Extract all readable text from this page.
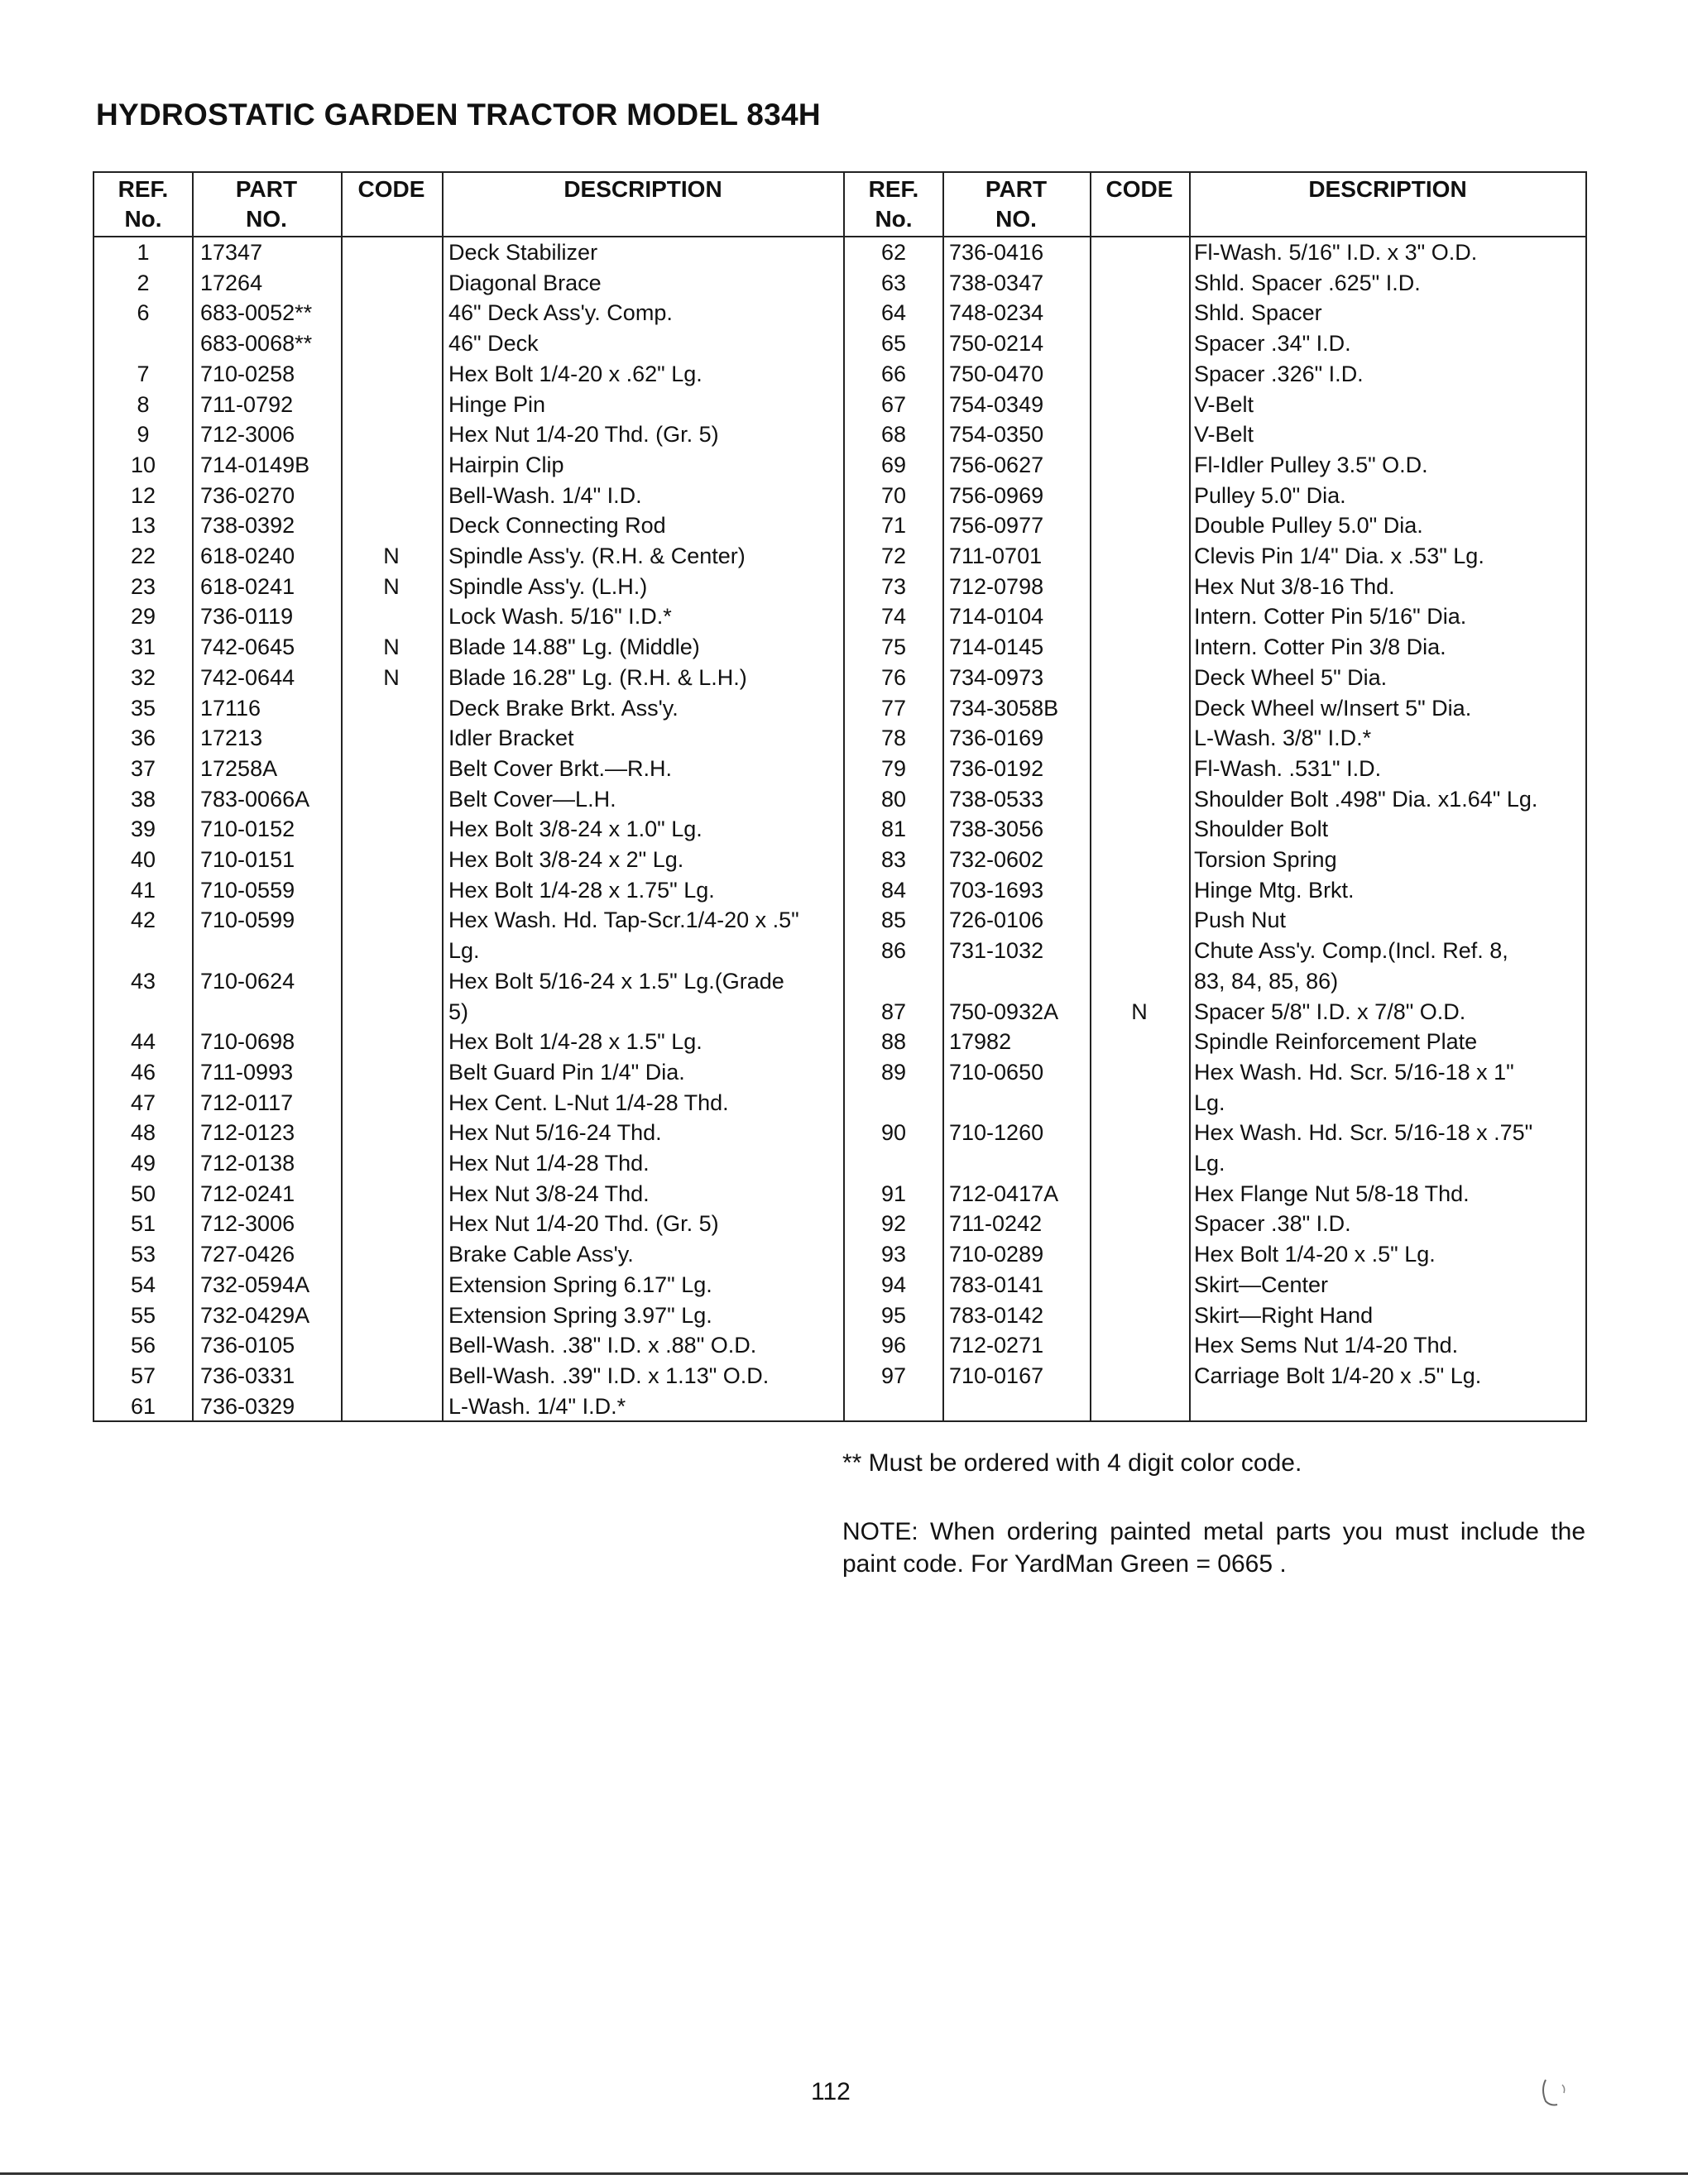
HYDROSTATIC GARDEN TRACTOR MODEL 834H
REF.
No.
PART
NO.
CODE	DESCRIPTION
1	17347	Deck Stabilizer
2	17264	Diagonal Brace
6	683-0052**	46" Deck Ass'y. Comp.
683-0068**	46" Deck
7	710-0258	Hex Bolt 1/4-20 x .62" Lg.
8	711-0792	Hinge Pin
9	712-3006	Hex Nut 1/4-20 Thd. (Gr. 5)
10	714-0149B	Hairpin Clip
12	736-0270	Bell-Wash. 1/4" I.D.
13	738-0392	Deck Connecting Rod
22	618-0240	N	Spindle Ass'y. (R.H. & Center)
23	618-0241	N	Spindle Ass'y. (L.H.)
29	736-0119	Lock Wash. 5/16" I.D.*
31	742-0645	N	Blade 14.88" Lg. (Middle)
32	742-0644	N	Blade 16.28" Lg. (R.H. & L.H.)
35	17116	Deck Brake Brkt. Ass'y.
36	17213	Idler Bracket
37	17258A	Belt Cover Brkt.—R.H.
38	783-0066A	Belt Cover—L.H.
39	710-0152	Hex Bolt 3/8-24 x 1.0" Lg.
40	710-0151	Hex Bolt 3/8-24 x 2" Lg.
41	710-0559	Hex Bolt 1/4-28 x 1.75" Lg.
42	710-0599	Hex Wash. Hd. Tap-Scr.1/4-20 x .5"
Lg.
43	710-0624	Hex Bolt 5/16-24 x 1.5" Lg.(Grade
5)
44	710-0698	Hex Bolt 1/4-28 x 1.5" Lg.
46	711-0993	Belt Guard Pin 1/4" Dia.
47	712-0117	Hex Cent. L-Nut 1/4-28 Thd.
48	712-0123	Hex Nut 5/16-24 Thd.
49	712-0138	Hex Nut 1/4-28 Thd.
50	712-0241	Hex Nut 3/8-24 Thd.
51	712-3006	Hex Nut 1/4-20 Thd. (Gr. 5)
53	727-0426	Brake Cable Ass'y.
54	732-0594A	Extension Spring 6.17" Lg.
55	732-0429A	Extension Spring 3.97" Lg.
56	736-0105	Bell-Wash. .38" I.D. x .88" O.D.
57	736-0331	Bell-Wash. .39" I.D. x 1.13" O.D.
61	736-0329	L-Wash. 1/4" I.D.*
REF.
No.
PART
NO.
CODE	DESCRIPTION
62	736-0416	Fl-Wash. 5/16" I.D. x 3" O.D.
63	738-0347	Shld. Spacer .625" I.D.
64	748-0234	Shld. Spacer
65	750-0214	Spacer .34" I.D.
66	750-0470	Spacer .326" I.D.
67	754-0349	V-Belt
68	754-0350	V-Belt
69	756-0627	Fl-Idler Pulley 3.5" O.D.
70	756-0969	Pulley 5.0" Dia.
71	756-0977	Double Pulley 5.0" Dia.
72	711-0701	Clevis Pin 1/4" Dia. x .53" Lg.
73	712-0798	Hex Nut 3/8-16 Thd.
74	714-0104	Intern. Cotter Pin 5/16" Dia.
75	714-0145	Intern. Cotter Pin 3/8 Dia.
76	734-0973	Deck Wheel 5" Dia.
77	734-3058B	Deck Wheel w/Insert 5" Dia.
78	736-0169	L-Wash. 3/8" I.D.*
79	736-0192	Fl-Wash. .531" I.D.
80	738-0533	Shoulder Bolt .498" Dia. x1.64" Lg.
81	738-3056	Shoulder Bolt
83	732-0602	Torsion Spring
84	703-1693	Hinge Mtg. Brkt.
85	726-0106	Push Nut
86	731-1032	Chute Ass'y. Comp.(Incl. Ref. 8,
83, 84, 85, 86)
87	750-0932A	N	Spacer 5/8" I.D. x 7/8" O.D.
88	17982	Spindle Reinforcement Plate
89	710-0650	Hex Wash. Hd. Scr. 5/16-18 x 1"
Lg.
90	710-1260	Hex Wash. Hd. Scr. 5/16-18 x .75"
Lg.
91	712-0417A	Hex Flange Nut 5/8-18 Thd.
92	711-0242	Spacer .38" I.D.
93	710-0289	Hex Bolt 1/4-20 x .5" Lg.
94	783-0141	Skirt—Center
95	783-0142	Skirt—Right Hand
96	712-0271	Hex Sems Nut 1/4-20 Thd.
97	710-0167	Carriage Bolt 1/4-20 x .5" Lg.

** Must be ordered with 4 digit color code.

NOTE: When ordering painted metal parts you must include the paint code. For YardMan Green = 0665 .

112
